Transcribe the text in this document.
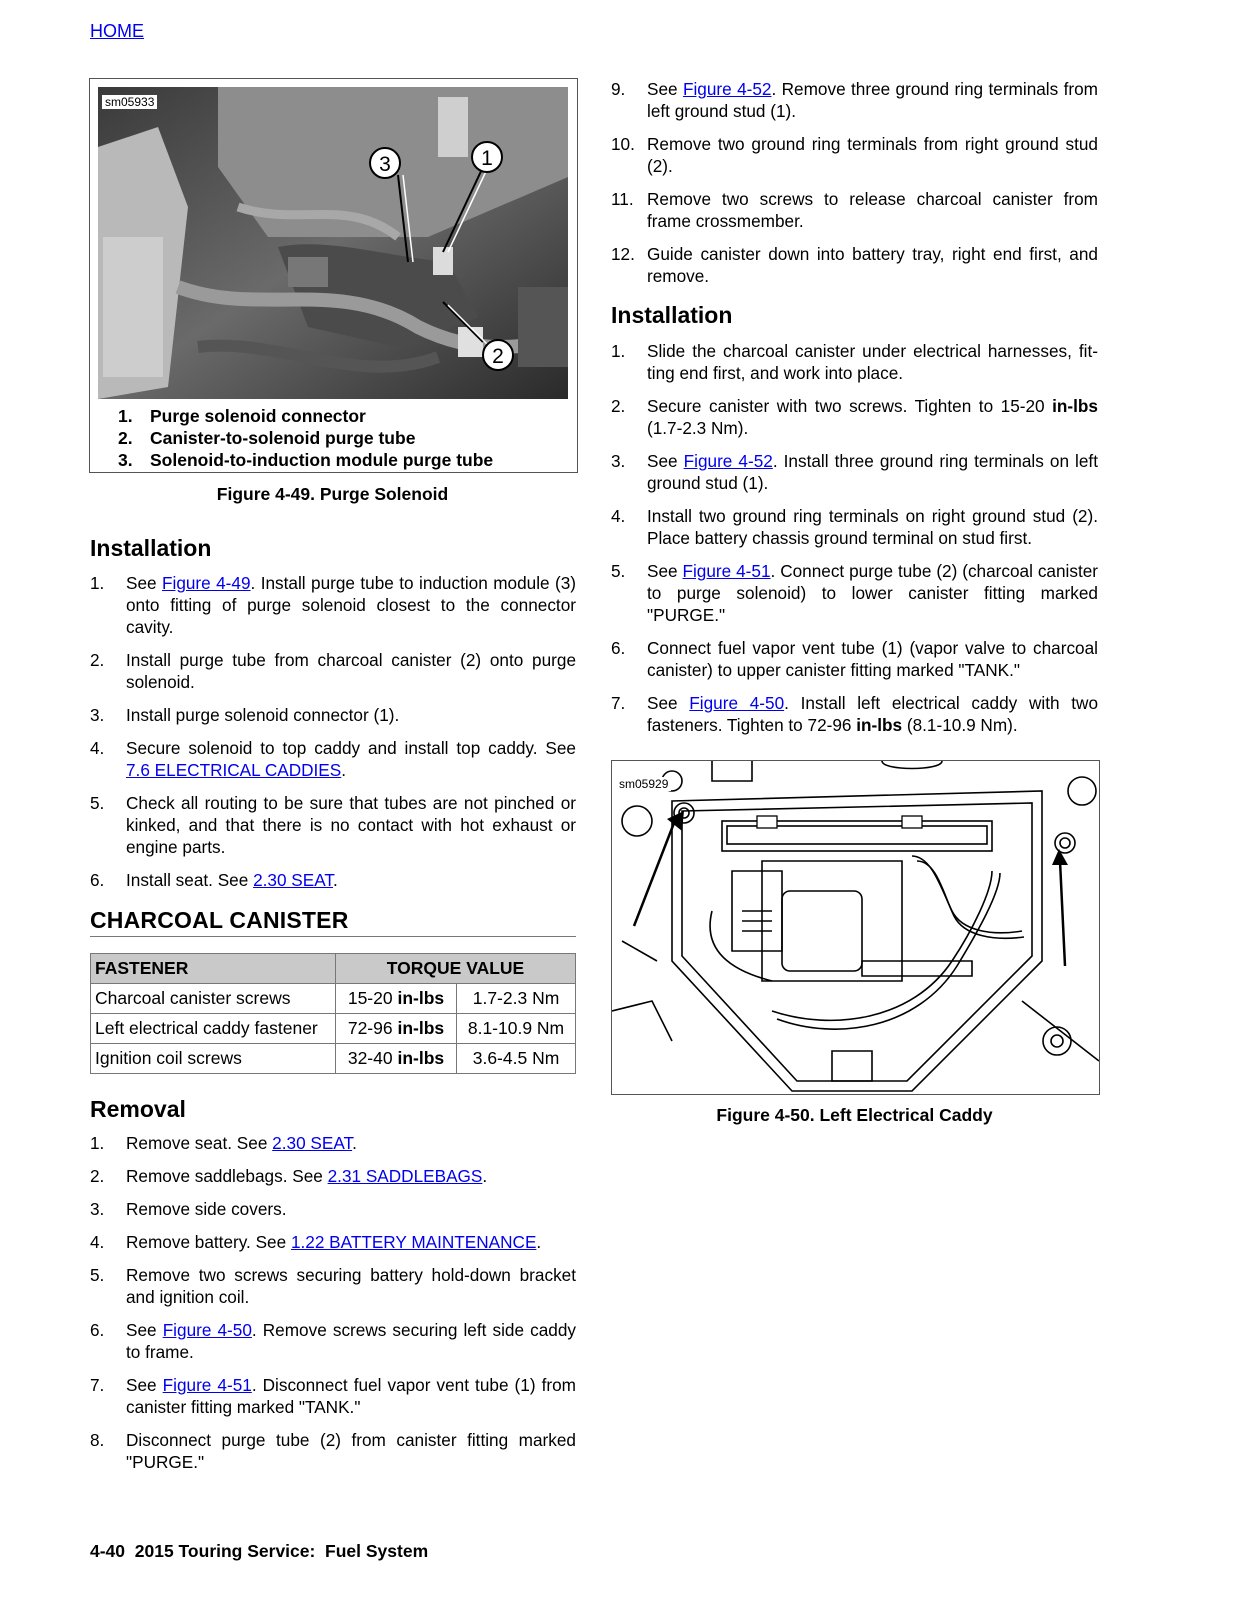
HOME
3	1
2
sm05933
1. Purge solenoid connector
2. Canister-to-solenoid purge tube
3. Solenoid-to-induction module purge tube
Figure 4-49. Purge Solenoid
Installation
1. See Figure 4-49. Install purge tube to induction module (3) onto fitting of purge solenoid closest to the connector cavity.
2. Install purge tube from charcoal canister (2) onto purge solenoid.
3. Install purge solenoid connector (1).
4. Secure solenoid to top caddy and install top caddy. See 7.6 ELECTRICAL CADDIES.
5. Check all routing to be sure that tubes are not pinched or kinked, and that there is no contact with hot exhaust or engine parts.
6. Install seat. See 2.30 SEAT.
CHARCOAL CANISTER
FASTENER	TORQUE VALUE	
Charcoal canister screws	15-20 in-lbs	1.7-2.3 Nm
Left electrical caddy fastener	72-96 in-lbs	8.1-10.9 Nm
Ignition coil screws	32-40 in-lbs	3.6-4.5 Nm
Removal
1. Remove seat. See 2.30 SEAT.
2. Remove saddlebags. See 2.31 SADDLEBAGS.
3. Remove side covers.
4. Remove battery. See 1.22 BATTERY MAINTENANCE.
5. Remove two screws securing battery hold-down bracket and ignition coil.
6. See Figure 4-50. Remove screws securing left side caddy to frame.
7. See Figure 4-51. Disconnect fuel vapor vent tube (1) from canister fitting marked "TANK."
8. Disconnect purge tube (2) from canister fitting marked "PURGE."
9. See Figure 4-52. Remove three ground ring terminals from left ground stud (1).
10. Remove two ground ring terminals from right ground stud (2).
11. Remove two screws to release charcoal canister from frame crossmember.
12. Guide canister down into battery tray, right end first, and remove.
Installation
1. Slide the charcoal canister under electrical harnesses, fit-ting end first, and work into place.
2. Secure canister with two screws. Tighten to 15-20 in-lbs (1.7-2.3 Nm).
3. See Figure 4-52. Install three ground ring terminals on left ground stud (1).
4. Install two ground ring terminals on right ground stud (2). Place battery chassis ground terminal on stud first.
5. See Figure 4-51. Connect purge tube (2) (charcoal canister to purge solenoid) to lower canister fitting marked "PURGE."
6. Connect fuel vapor vent tube (1) (vapor valve to charcoal canister) to upper canister fitting marked "TANK."
7. See Figure 4-50. Install left electrical caddy with two fasteners. Tighten to 72-96 in-lbs (8.1-10.9 Nm).
sm05929
Figure 4-50. Left Electrical Caddy
4-40  2015 Touring Service:  Fuel System
